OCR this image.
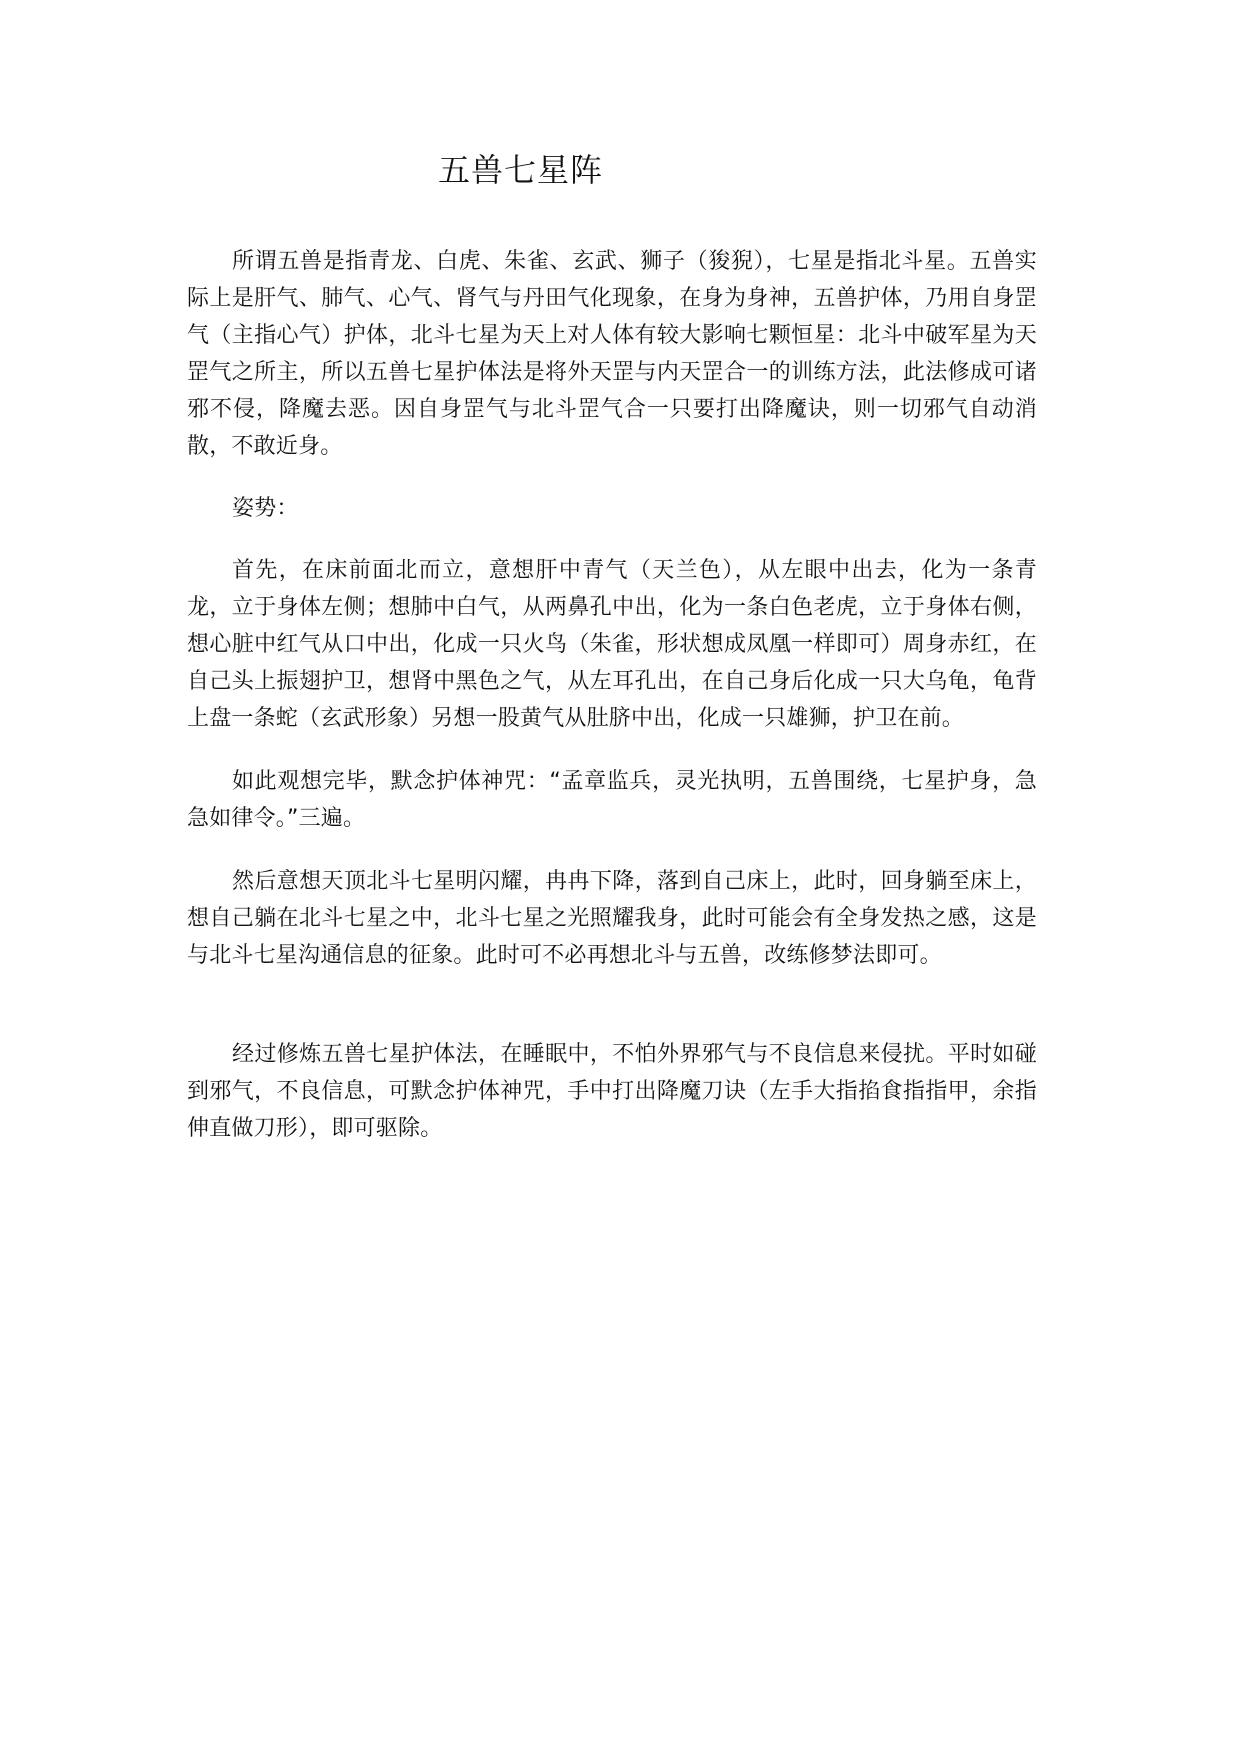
五兽七星阵

所谓五兽是指青龙、白虎、朱雀、玄武、狮子（狻猊），七星是指北斗星。五兽实际上是肝气、肺气、心气、肾气与丹田气化现象，在身为身神，五兽护体，乃用自身罡气（主指心气）护体，北斗七星为天上对人体有较大影响七颗恒星：北斗中破军星为天罡气之所主，所以五兽七星护体法是将外天罡与内天罡合一的训练方法，此法修成可诸邪不侵，降魔去恶。因自身罡气与北斗罡气合一只要打出降魔诀，则一切邪气自动消散，不敢近身。

姿势：

首先，在床前面北而立，意想肝中青气（天兰色），从左眼中出去，化为一条青龙，立于身体左侧；想肺中白气，从两鼻孔中出，化为一条白色老虎，立于身体右侧，想心脏中红气从口中出，化成一只火鸟（朱雀，形状想成凤凰一样即可）周身赤红，在自己头上振翅护卫，想肾中黑色之气，从左耳孔出，在自己身后化成一只大乌龟，龟背上盘一条蛇（玄武形象）另想一股黄气从肚脐中出，化成一只雄狮，护卫在前。

如此观想完毕，默念护体神咒：“孟章监兵，灵光执明，五兽围绕，七星护身，急急如律令。”三遍。

然后意想天顶北斗七星明闪耀，冉冉下降，落到自己床上，此时，回身躺至床上，想自己躺在北斗七星之中，北斗七星之光照耀我身，此时可能会有全身发热之感，这是与北斗七星沟通信息的征象。此时可不必再想北斗与五兽，改练修梦法即可。

经过修炼五兽七星护体法，在睡眠中，不怕外界邪气与不良信息来侵扰。平时如碰到邪气，不良信息，可默念护体神咒，手中打出降魔刀诀（左手大指掐食指指甲，余指伸直做刀形），即可驱除。
